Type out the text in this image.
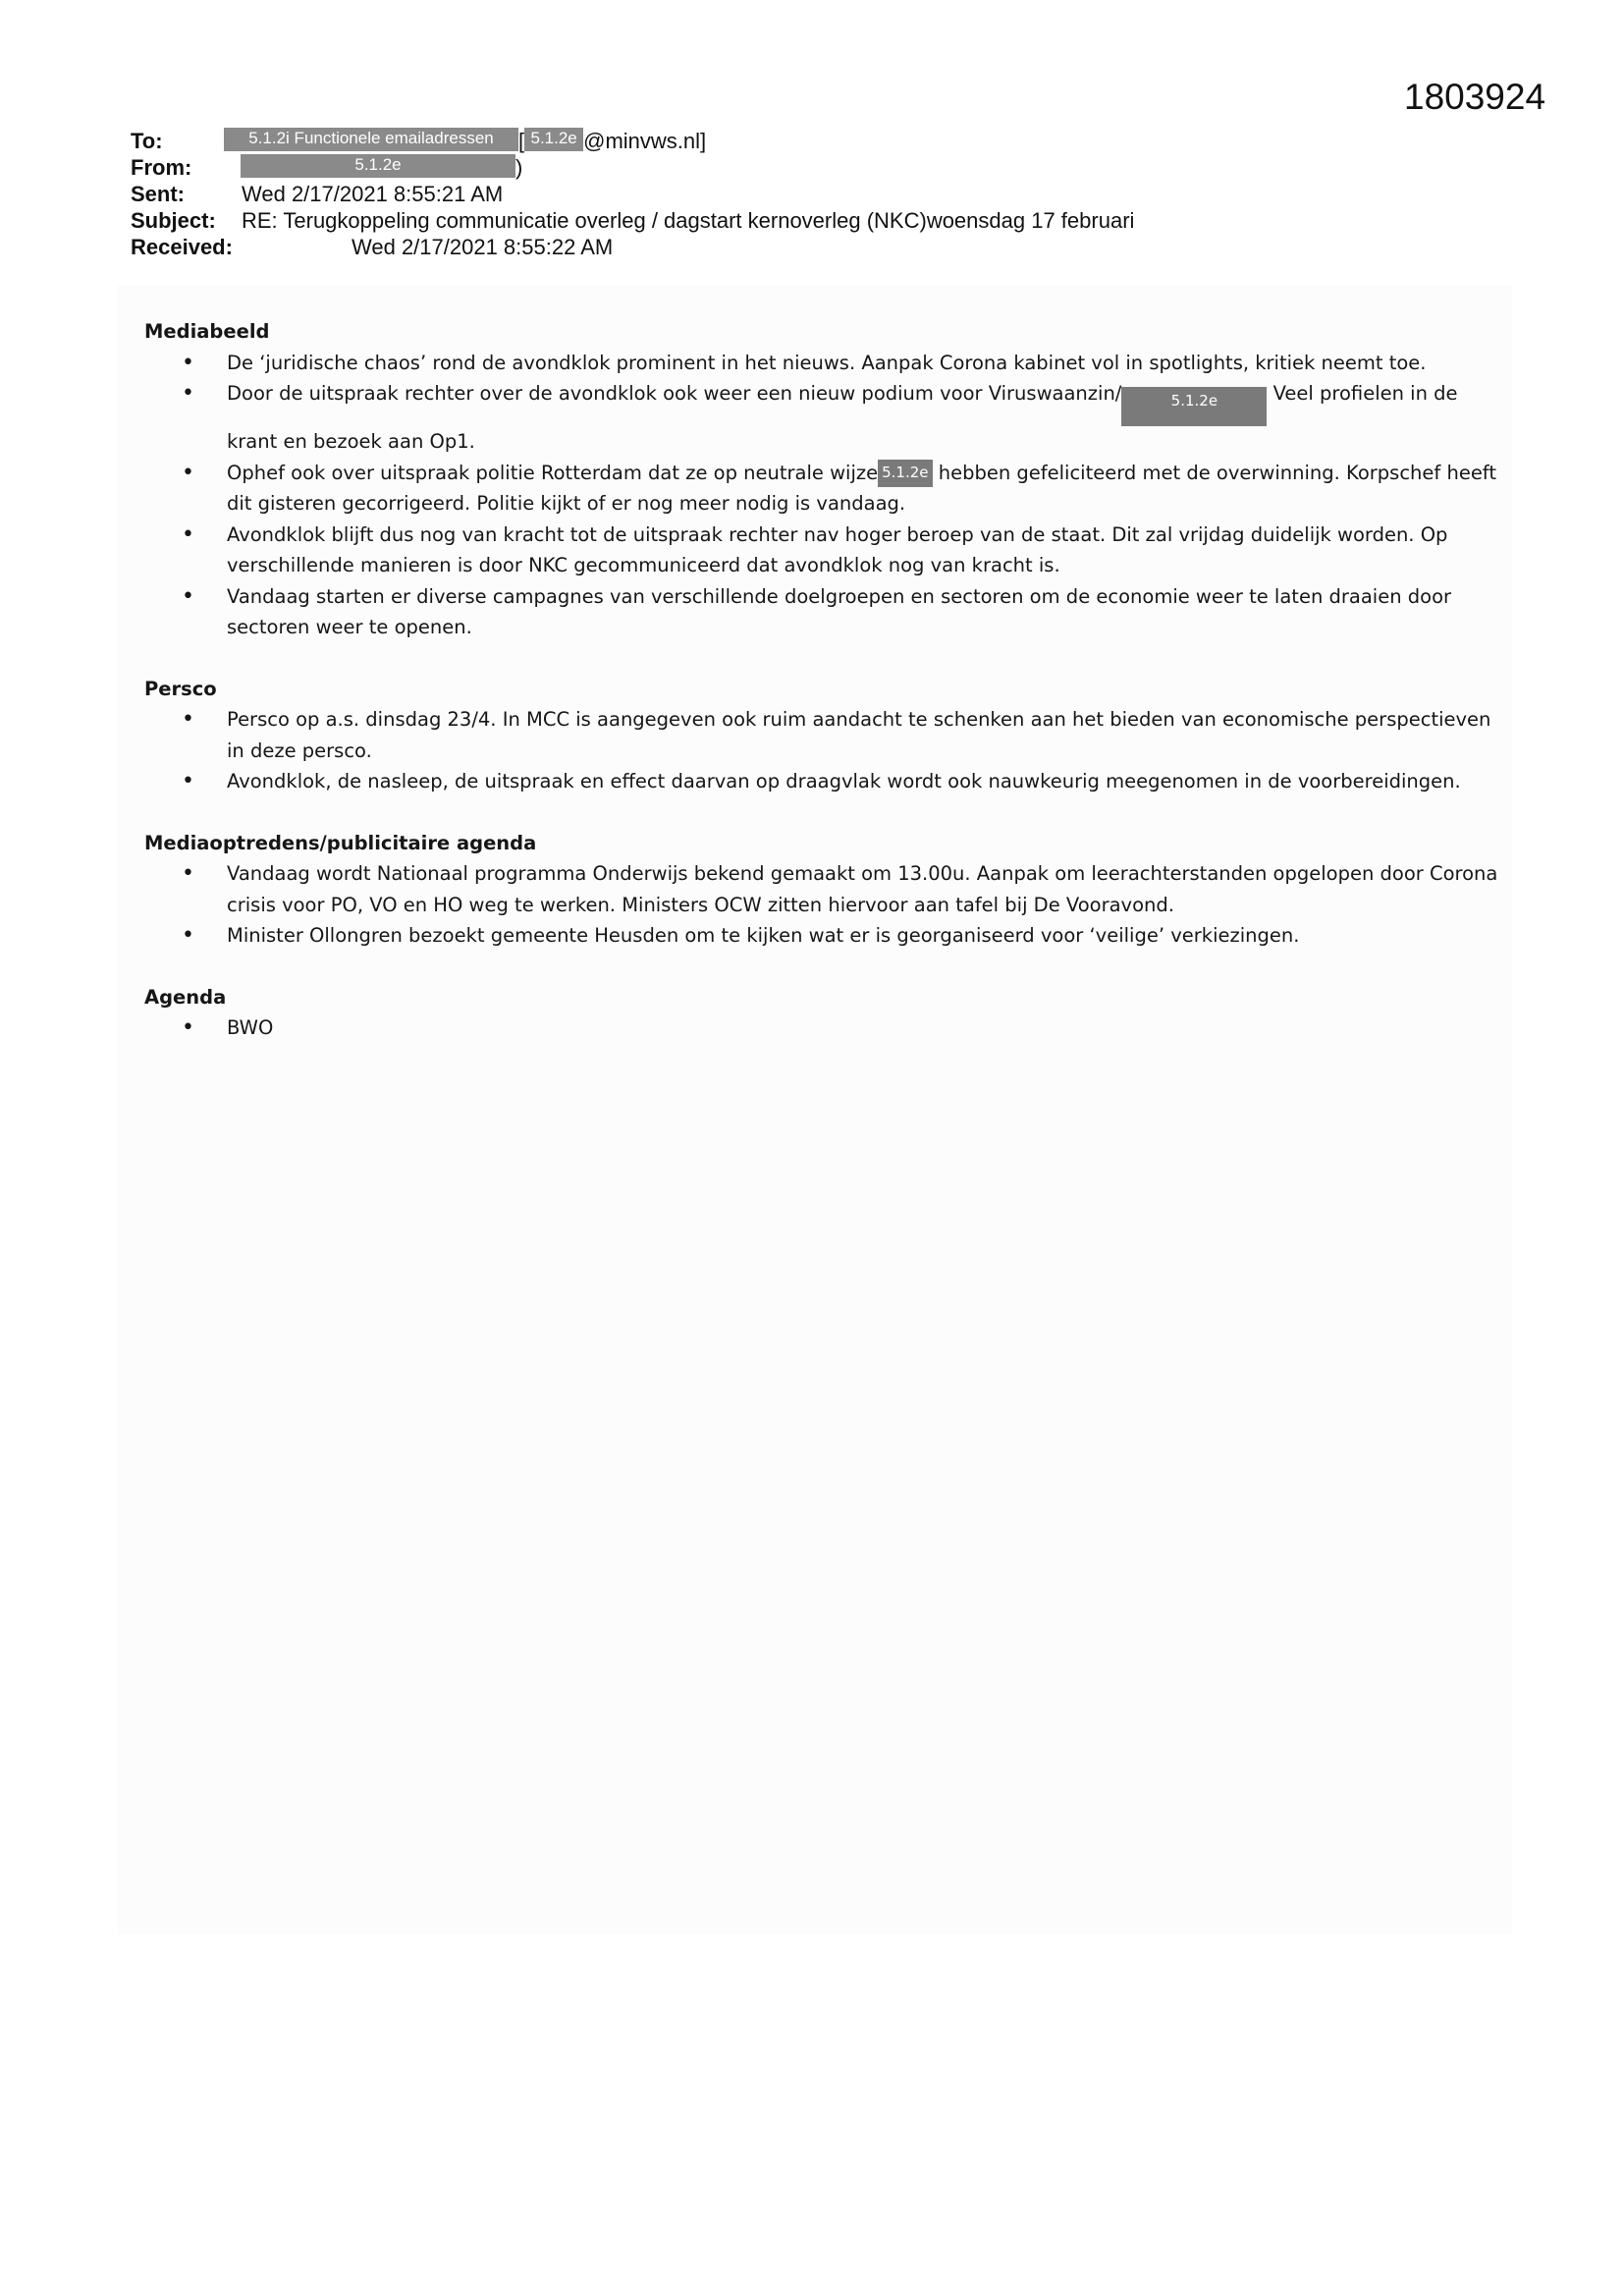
1803924
To:	5.1.2i Functionele emailadressen [ 5.1.2e @minvws.nl]
From:	5.1.2e	)
Sent:	Wed 2/17/2021 8:55:21 AM
Subject: RE: Terugkoppeling communicatie overleg / dagstart kernoverleg (NKC)woensdag 17 februari
Received:	Wed 2/17/2021 8:55:22 AM
Mediabeeld
• De ‘juridische chaos’ rond de avondklok prominent in het nieuws. Aanpak Corona kabinet vol in spotlights, kritiek neemt toe.
• Door de uitspraak rechter over de avondklok ook weer een nieuw podium voor Viruswaanzin/	5.1.2e	Veel profielen in de krant en bezoek aan Op1.
• Ophef ook over uitspraak politie Rotterdam dat ze op neutrale wijze 5.1.2e hebben gefeliciteerd met de overwinning. Korpschef heeft dit gisteren gecorrigeerd. Politie kijkt of er nog meer nodig is vandaag.
• Avondklok blijft dus nog van kracht tot de uitspraak rechter nav hoger beroep van de staat. Dit zal vrijdag duidelijk worden. Op verschillende manieren is door NKC gecommuniceerd dat avondklok nog van kracht is.
• Vandaag starten er diverse campagnes van verschillende doelgroepen en sectoren om de economie weer te laten draaien door sectoren weer te openen.
Persco
• Persco op a.s. dinsdag 23/4. In MCC is aangegeven ook ruim aandacht te schenken aan het bieden van economische perspectieven in deze persco.
• Avondklok, de nasleep, de uitspraak en effect daarvan op draagvlak wordt ook nauwkeurig meegenomen in de voorbereidingen.
Mediaoptredens/publicitaire agenda
• Vandaag wordt Nationaal programma Onderwijs bekend gemaakt om 13.00u. Aanpak om leerachterstanden opgelopen door Corona crisis voor PO, VO en HO weg te werken. Ministers OCW zitten hiervoor aan tafel bij De Vooravond.
• Minister Ollongren bezoekt gemeente Heusden om te kijken wat er is georganiseerd voor ‘veilige’ verkiezingen.
Agenda
• BWO
